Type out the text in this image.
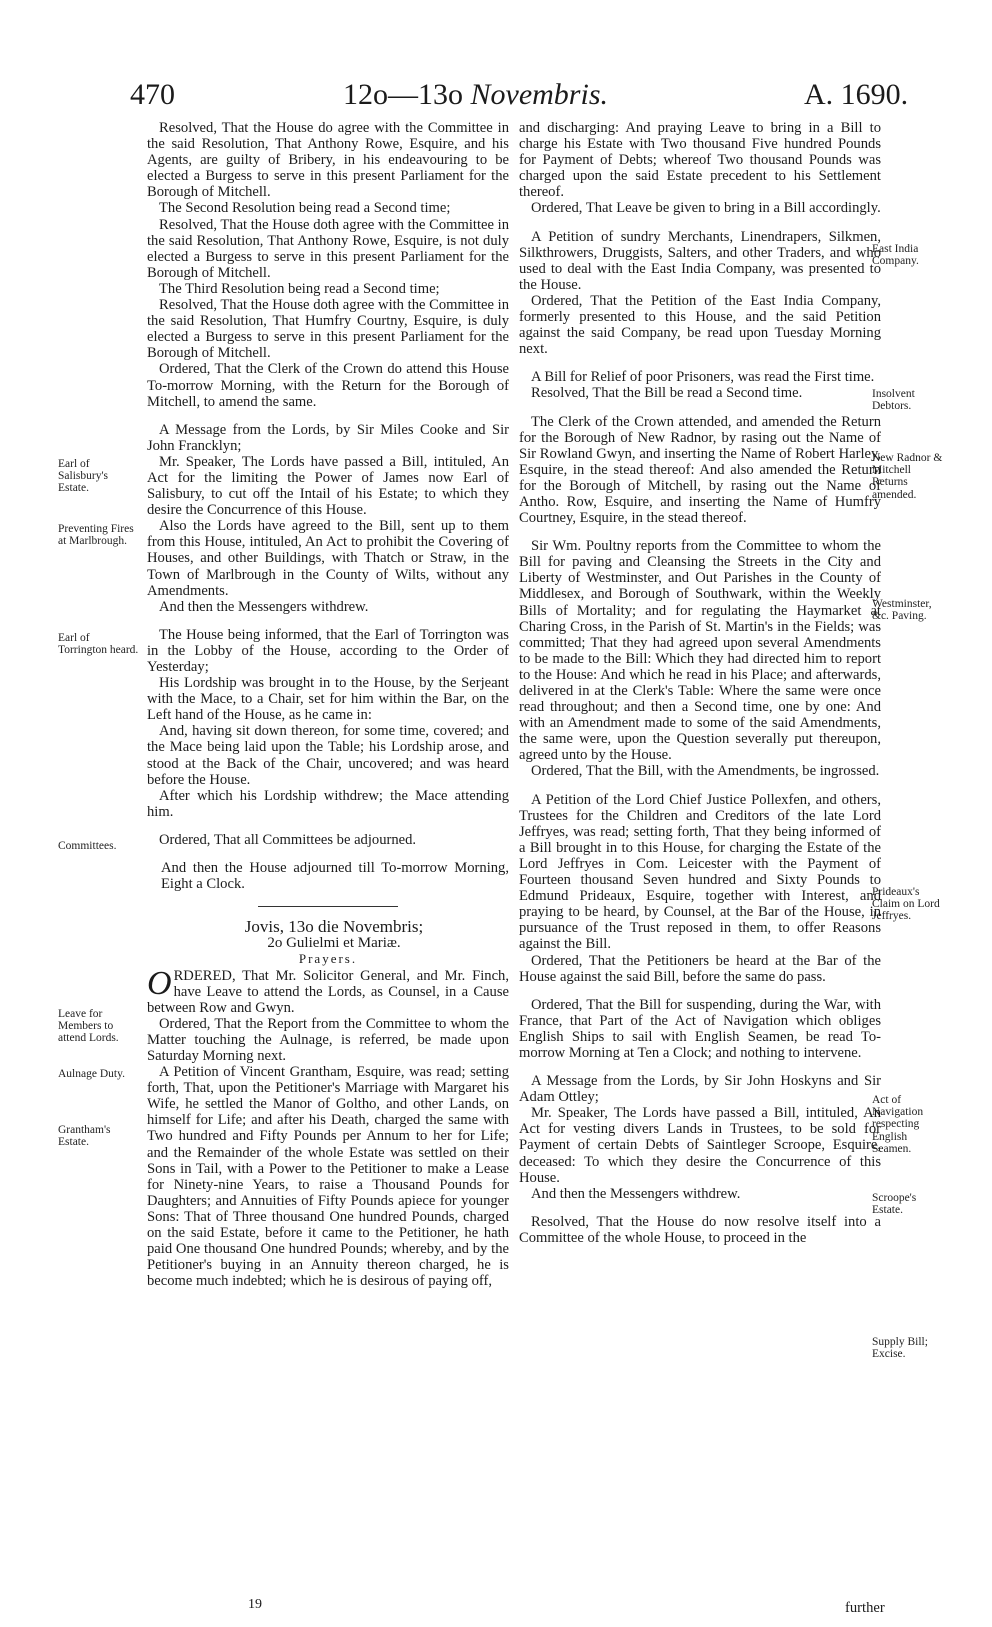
470	12o—13o Novembris.	A. 1690.
Earl of Salisbury's Estate.
Preventing Fires at Marlbrough.
Earl of Torrington heard.
Committees.
Leave for Members to attend Lords.
Aulnage Duty.
Grantham's Estate.

Resolved, That the House do agree with the Committee in the said Resolution, That Anthony Rowe, Esquire, and his Agents, are guilty of Bribery, in his endeavouring to be elected a Burgess to serve in this present Parliament for the Borough of Mitchell.

The Second Resolution being read a Second time;

Resolved, That the House doth agree with the Committee in the said Resolution, That Anthony Rowe, Esquire, is not duly elected a Burgess to serve in this present Parliament for the Borough of Mitchell.

The Third Resolution being read a Second time;

Resolved, That the House doth agree with the Committee in the said Resolution, That Humfry Courtny, Esquire, is duly elected a Burgess to serve in this present Parliament for the Borough of Mitchell.

Ordered, That the Clerk of the Crown do attend this House To-morrow Morning, with the Return for the Borough of Mitchell, to amend the same.

A Message from the Lords, by Sir Miles Cooke and Sir John Francklyn;

Mr. Speaker, The Lords have passed a Bill, intituled, An Act for the limiting the Power of James now Earl of Salisbury, to cut off the Intail of his Estate; to which they desire the Concurrence of this House.

Also the Lords have agreed to the Bill, sent up to them from this House, intituled, An Act to prohibit the Covering of Houses, and other Buildings, with Thatch or Straw, in the Town of Marlbrough in the County of Wilts, without any Amendments.

And then the Messengers withdrew.

The House being informed, that the Earl of Torrington was in the Lobby of the House, according to the Order of Yesterday;

His Lordship was brought in to the House, by the Serjeant with the Mace, to a Chair, set for him within the Bar, on the Left hand of the House, as he came in:

And, having sit down thereon, for some time, covered; and the Mace being laid upon the Table; his Lordship arose, and stood at the Back of the Chair, uncovered; and was heard before the House.

After which his Lordship withdrew; the Mace attending him.

Ordered, That all Committees be adjourned.

And then the House adjourned till To-morrow Morning, Eight a Clock.

Jovis, 13o die Novembris;

2o Gulielmi et Mariæ.

Prayers.

ORDERED, That Mr. Solicitor General, and Mr. Finch, have Leave to attend the Lords, as Counsel, in a Cause between Row and Gwyn.

Ordered, That the Report from the Committee to whom the Matter touching the Aulnage, is referred, be made upon Saturday Morning next.

A Petition of Vincent Grantham, Esquire, was read; setting forth, That, upon the Petitioner's Marriage with Margaret his Wife, he settled the Manor of Goltho, and other Lands, on himself for Life; and after his Death, charged the same with Two hundred and Fifty Pounds per Annum to her for Life; and the Remainder of the whole Estate was settled on their Sons in Tail, with a Power to the Petitioner to make a Lease for Ninety-nine Years, to raise a Thousand Pounds for Daughters; and Annuities of Fifty Pounds apiece for younger Sons: That of Three thousand One hundred Pounds, charged on the said Estate, before it came to the Petitioner, he hath paid One thousand One hundred Pounds; whereby, and by the Petitioner's buying in an Annuity thereon charged, he is become much indebted; which he is desirous of paying off,

and discharging: And praying Leave to bring in a Bill to charge his Estate with Two thousand Five hundred Pounds for Payment of Debts; whereof Two thousand Pounds was charged upon the said Estate precedent to his Settlement thereof.

Ordered, That Leave be given to bring in a Bill accordingly.

A Petition of sundry Merchants, Linendrapers, Silkmen, Silkthrowers, Druggists, Salters, and other Traders, and who used to deal with the East India Company, was presented to the House.

Ordered, That the Petition of the East India Company, formerly presented to this House, and the said Petition against the said Company, be read upon Tuesday Morning next.

A Bill for Relief of poor Prisoners, was read the First time.

Resolved, That the Bill be read a Second time.

The Clerk of the Crown attended, and amended the Return for the Borough of New Radnor, by rasing out the Name of Sir Rowland Gwyn, and inserting the Name of Robert Harley, Esquire, in the stead thereof: And also amended the Return for the Borough of Mitchell, by rasing out the Name of Antho. Row, Esquire, and inserting the Name of Humfry Courtney, Esquire, in the stead thereof.

Sir Wm. Poultny reports from the Committee to whom the Bill for paving and Cleansing the Streets in the City and Liberty of Westminster, and Out Parishes in the County of Middlesex, and Borough of Southwark, within the Weekly Bills of Mortality; and for regulating the Haymarket at Charing Cross, in the Parish of St. Martin's in the Fields; was committed; That they had agreed upon several Amendments to be made to the Bill: Which they had directed him to report to the House: And which he read in his Place; and afterwards, delivered in at the Clerk's Table: Where the same were once read throughout; and then a Second time, one by one: And with an Amendment made to some of the said Amendments, the same were, upon the Question severally put thereupon, agreed unto by the House.

Ordered, That the Bill, with the Amendments, be ingrossed.

A Petition of the Lord Chief Justice Pollexfen, and others, Trustees for the Children and Creditors of the late Lord Jeffryes, was read; setting forth, That they being informed of a Bill brought in to this House, for charging the Estate of the Lord Jeffryes in Com. Leicester with the Payment of Fourteen thousand Seven hundred and Sixty Pounds to Edmund Prideaux, Esquire, together with Interest, and praying to be heard, by Counsel, at the Bar of the House, in pursuance of the Trust reposed in them, to offer Reasons against the Bill.

Ordered, That the Petitioners be heard at the Bar of the House against the said Bill, before the same do pass.

Ordered, That the Bill for suspending, during the War, with France, that Part of the Act of Navigation which obliges English Ships to sail with English Seamen, be read To-morrow Morning at Ten a Clock; and nothing to intervene.

A Message from the Lords, by Sir John Hoskyns and Sir Adam Ottley;

Mr. Speaker, The Lords have passed a Bill, intituled, An Act for vesting divers Lands in Trustees, to be sold for Payment of certain Debts of Saintleger Scroope, Esquire, deceased: To which they desire the Concurrence of this House.

And then the Messengers withdrew.

Resolved, That the House do now resolve itself into a Committee of the whole House, to proceed in the

East India Company.
Insolvent Debtors.
New Radnor & Mitchell Returns amended.
Westminster, &c. Paving.
Prideaux's Claim on Lord Jeffryes.
Act of Navigation respecting English Seamen.
Scroope's Estate.
Supply Bill; Excise.
19	further
